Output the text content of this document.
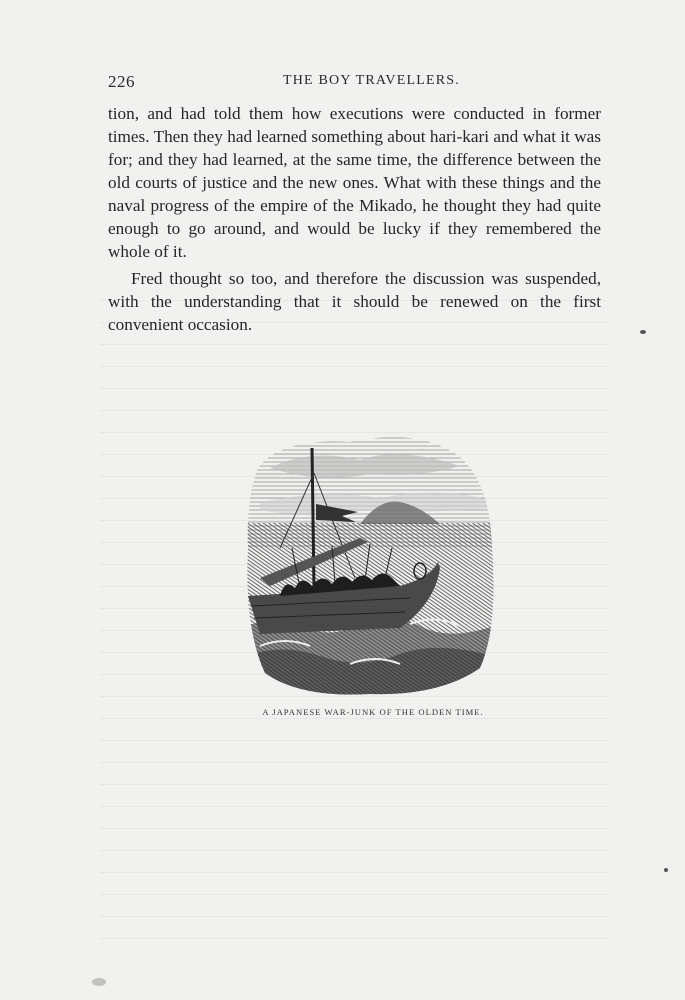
226	THE BOY TRAVELLERS.

tion, and had told them how executions were conducted in former times. Then they had learned something about hari-kari and what it was for; and they had learned, at the same time, the difference between the old courts of justice and the new ones. What with these things and the naval progress of the empire of the Mikado, he thought they had quite enough to go around, and would be lucky if they remembered the whole of it.

Fred thought so too, and therefore the discussion was suspended, with the understanding that it should be renewed on the first convenient occasion.

A JAPANESE WAR-JUNK OF THE OLDEN TIME.
